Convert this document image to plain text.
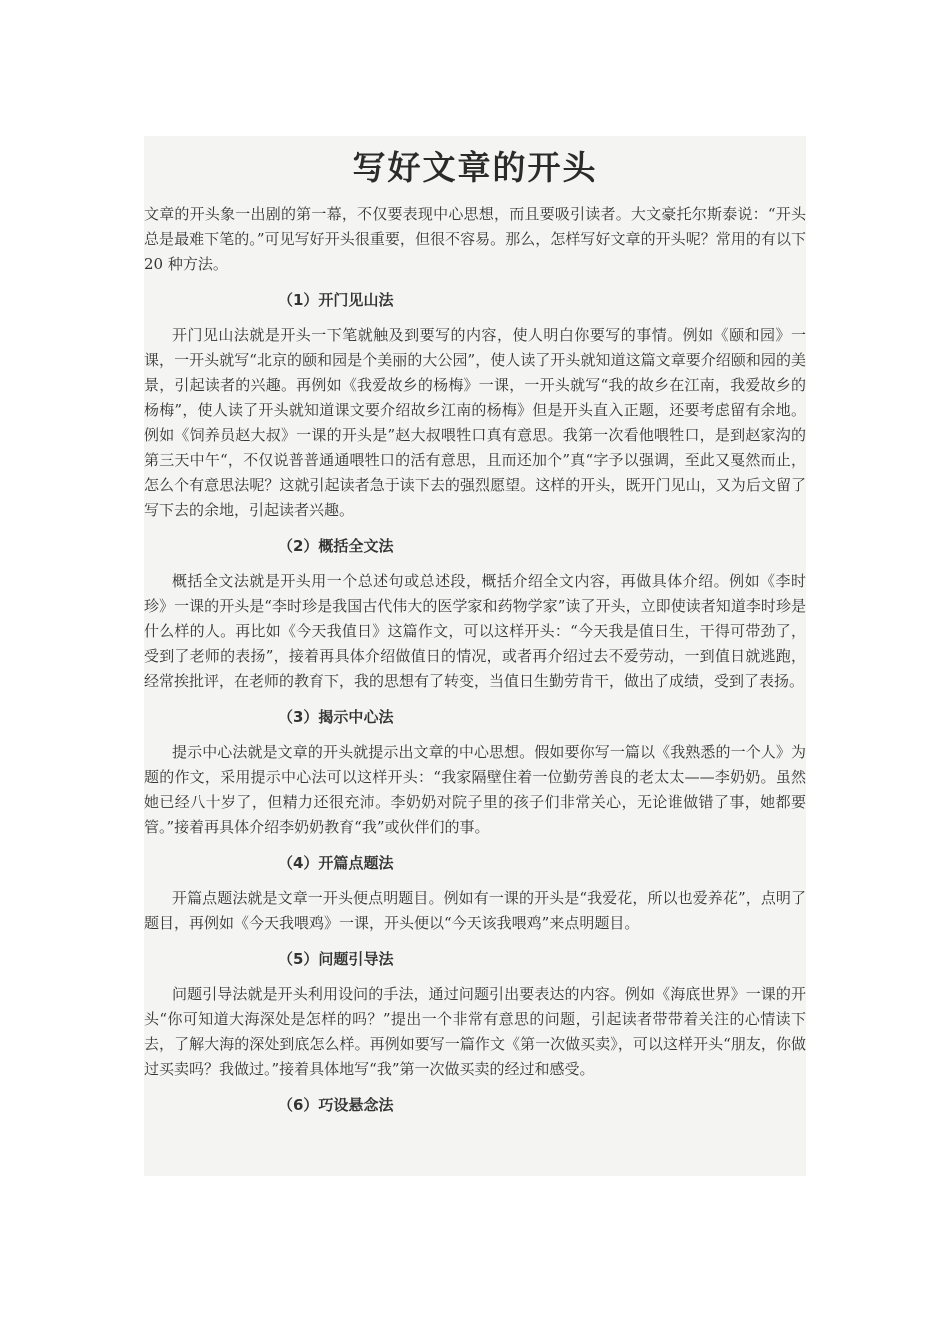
写好文章的开头

文章的开头象一出剧的第一幕，不仅要表现中心思想，而且要吸引读者。大文豪托尔斯泰说：“开头总是最难下笔的。”可见写好开头很重要，但很不容易。那么，怎样写好文章的开头呢？常用的有以下 20 种方法。

（1）开门见山法

开门见山法就是开头一下笔就触及到要写的内容，使人明白你要写的事情。例如《颐和园》一课，一开头就写“北京的颐和园是个美丽的大公园”，使人读了开头就知道这篇文章要介绍颐和园的美景，引起读者的兴趣。再例如《我爱故乡的杨梅》一课，一开头就写“我的故乡在江南，我爱故乡的杨梅”，使人读了开头就知道课文要介绍故乡江南的杨梅》但是开头直入正题，还要考虑留有余地。例如《饲养员赵大叔》一课的开头是”赵大叔喂牲口真有意思。我第一次看他喂牲口，是到赵家沟的第三天中午“，不仅说普普通通喂牲口的活有意思，且而还加个”真“字予以强调，至此又戛然而止，怎么个有意思法呢？这就引起读者急于读下去的强烈愿望。这样的开头，既开门见山，又为后文留了写下去的余地，引起读者兴趣。

（2）概括全文法

概括全文法就是开头用一个总述句或总述段，概括介绍全文内容，再做具体介绍。例如《李时珍》一课的开头是“李时珍是我国古代伟大的医学家和药物学家”读了开头，立即使读者知道李时珍是什么样的人。再比如《今天我值日》这篇作文，可以这样开头：“今天我是值日生，干得可带劲了，受到了老师的表扬”，接着再具体介绍做值日的情况，或者再介绍过去不爱劳动，一到值日就逃跑，经常挨批评，在老师的教育下，我的思想有了转变，当值日生勤劳肯干，做出了成绩，受到了表扬。

（3）揭示中心法

提示中心法就是文章的开头就提示出文章的中心思想。假如要你写一篇以《我熟悉的一个人》为题的作文，采用提示中心法可以这样开头：“我家隔壁住着一位勤劳善良的老太太——李奶奶。虽然她已经八十岁了，但精力还很充沛。李奶奶对院子里的孩子们非常关心，无论谁做错了事，她都要管。”接着再具体介绍李奶奶教育“我”或伙伴们的事。

（4）开篇点题法

开篇点题法就是文章一开头便点明题目。例如有一课的开头是“我爱花，所以也爱养花”，点明了题目，再例如《今天我喂鸡》一课，开头便以“今天该我喂鸡”来点明题目。

（5）问题引导法

问题引导法就是开头利用设问的手法，通过问题引出要表达的内容。例如《海底世界》一课的开头“你可知道大海深处是怎样的吗？”提出一个非常有意思的问题，引起读者带带着关注的心情读下去，了解大海的深处到底怎么样。再例如要写一篇作文《第一次做买卖》，可以这样开头“朋友，你做过买卖吗？我做过。”接着具体地写“我”第一次做买卖的经过和感受。

（6）巧设悬念法
